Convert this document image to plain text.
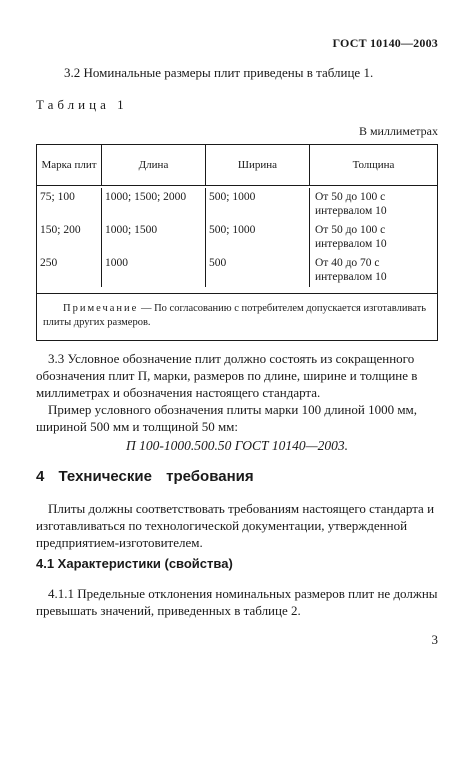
ГОСТ 10140—2003

3.2 Номинальные размеры плит приведены в таблице 1.

Таблица 1
В миллиметрах
Марка плит	Длина	Ширина	Толщина
75; 100	1000; 1500; 2000	500; 1000	От 50 до 100 с интервалом 10
150; 200	1000; 1500	500; 1000	От 50 до 100 с интервалом 10
250	1000	500	От 40 до 70 с интервалом 10
Примечание — По согласованию с потребителем допускается изготавливать плиты других размеров.

3.3 Условное обозначение плит должно состоять из сокращенного обозначения плит П, марки, размеров по длине, ширине и толщине в миллиметрах и обозначения настоящего стандарта.

Пример условного обозначения плиты марки 100 длиной 1000 мм, шириной 500 мм и толщиной 50 мм:

П 100-1000.500.50 ГОСТ 10140—2003.
4 Технические требования

Плиты должны соответствовать требованиям настоящего стандарта и изготавливаться по технологической документации, утвержденной предприятием-изготовителем.

4.1 Характеристики (свойства)

4.1.1 Предельные отклонения номинальных размеров плит не должны превышать значений, приведенных в таблице 2.

3
